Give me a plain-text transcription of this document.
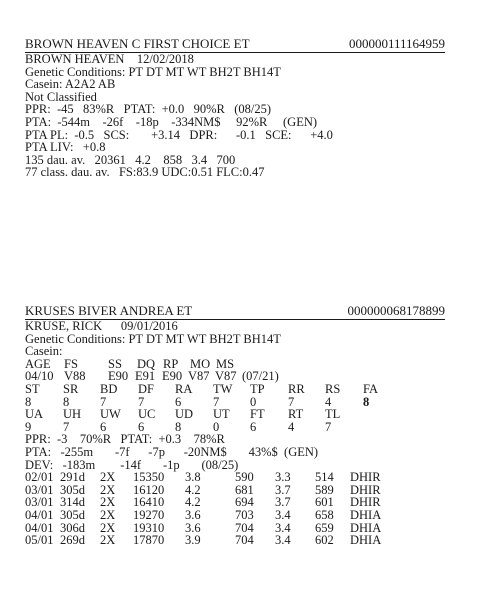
BROWN HEAVEN C FIRST CHOICE ET	000000111164959
BROWN HEAVEN    12/02/2018
Genetic Conditions: PT DT MT WT BH2T BH14T
Casein: A2A2 AB
Not Classified
PPR:  -45   83%R   PTAT:  +0.0   90%R   (08/25)
PTA:  -544m    -26f    -18p    -334NM$     92%R     (GEN)
PTA PL:  -0.5   SCS:       +3.14   DPR:      -0.1   SCE:      +4.0
PTA LIV:   +0.8
135 dau. av.   20361   4.2    858   3.4   700
77 class. dau. av.   FS:83.9 UDC:0.51 FLC:0.47
KRUSES BIVER ANDREA ET	000000068178899
KRUSE, RICK      09/01/2016
Genetic Conditions: PT DT MT WT BH2T BH14T
Casein:
AGE FS SS DQ RP MO MS
04/10 V88 E90 E91 E90 V87 V87 (07/21)
ST SR BD DF RA TW TP RR RS FA
8	8 7	7 6	7 0	7 4	8
UA UH UW UC UD UT FT RT TL
9	7 6	6 8	0 6	4 7
PPR:  -3    70%R   PTAT:  +0.3    78%R
PTA:   -255m       -7f      -7p      -20NM$       43%$  (GEN)
DEV:   -183m        -14f       -1p       (08/25)
02/01 291d 2X 15350 3.8	590 3.3 514 DHIR
03/01 305d 2X 16120 4.2	681 3.7 589 DHIR
03/01 314d 2X 16410 4.2	694 3.7 601 DHIR
04/01 305d 2X 19270 3.6	703 3.4 658 DHIA
04/01 306d 2X 19310 3.6	704 3.4 659 DHIA
05/01 269d 2X 17870 3.9	704 3.4 602 DHIA
